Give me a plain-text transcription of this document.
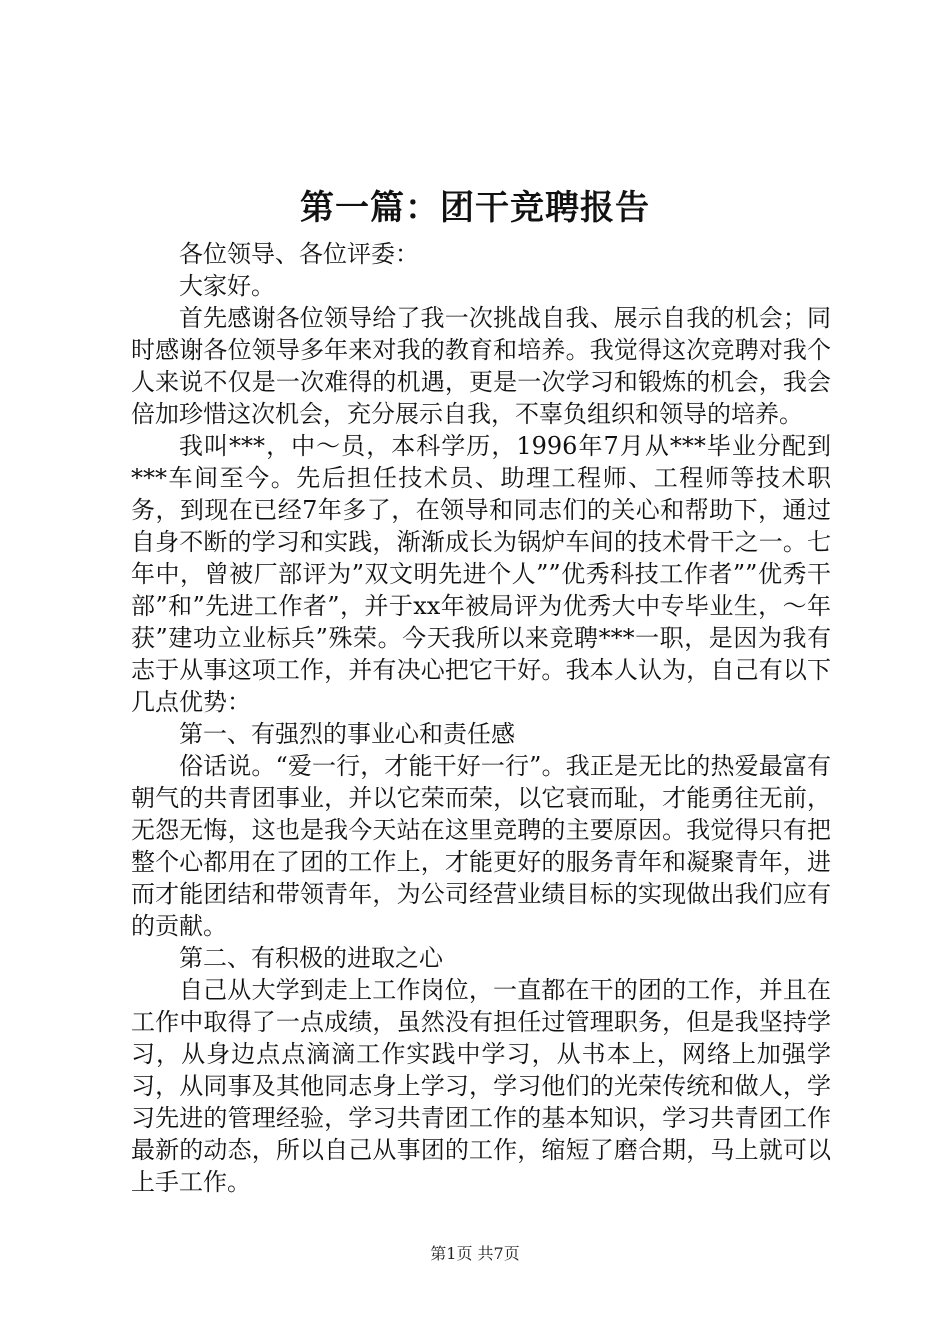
第一篇：团干竞聘报告

各位领导、各位评委：

大家好。

首先感谢各位领导给了我一次挑战自我、展示自我的机会；同时感谢各位领导多年来对我的教育和培养。我觉得这次竞聘对我个人来说不仅是一次难得的机遇，更是一次学习和锻炼的机会，我会倍加珍惜这次机会，充分展示自我，不辜负组织和领导的培养。

我叫***，中～员，本科学历，1996年7月从***毕业分配到***车间至今。先后担任技术员、助理工程师、工程师等技术职务，到现在已经7年多了，在领导和同志们的关心和帮助下，通过自身不断的学习和实践，渐渐成长为锅炉车间的技术骨干之一。七年中，曾被厂部评为”双文明先进个人””优秀科技工作者””优秀干部”和”先进工作者”，并于xx年被局评为优秀大中专毕业生，～年获”建功立业标兵”殊荣。今天我所以来竞聘***一职，是因为我有志于从事这项工作，并有决心把它干好。我本人认为，自己有以下几点优势：

第一、有强烈的事业心和责任感

俗话说。“爱一行，才能干好一行”。我正是无比的热爱最富有朝气的共青团事业，并以它荣而荣，以它衰而耻，才能勇往无前，无怨无悔，这也是我今天站在这里竞聘的主要原因。我觉得只有把整个心都用在了团的工作上，才能更好的服务青年和凝聚青年，进而才能团结和带领青年，为公司经营业绩目标的实现做出我们应有的贡献。

第二、有积极的进取之心

自己从大学到走上工作岗位，一直都在干的团的工作，并且在工作中取得了一点成绩，虽然没有担任过管理职务，但是我坚持学习，从身边点点滴滴工作实践中学习，从书本上，网络上加强学习，从同事及其他同志身上学习，学习他们的光荣传统和做人，学习先进的管理经验，学习共青团工作的基本知识，学习共青团工作最新的动态，所以自己从事团的工作，缩短了磨合期，马上就可以上手工作。

第1页 共7页
